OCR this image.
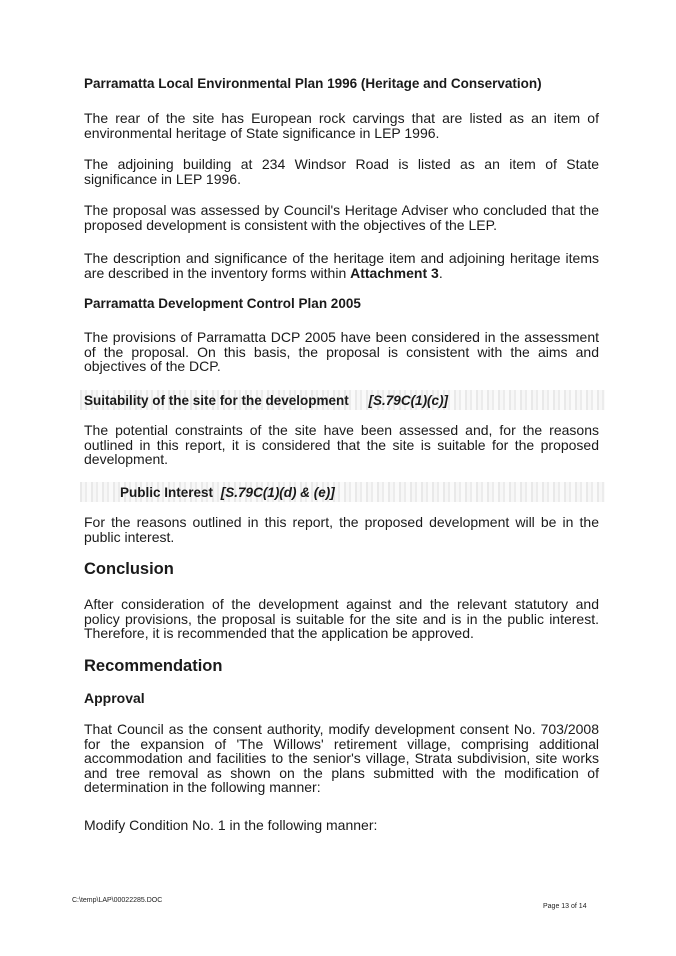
Parramatta Local Environmental Plan 1996 (Heritage and Conservation)
The rear of the site has European rock carvings that are listed as an item of environmental heritage of State significance in LEP 1996.
The adjoining building at 234 Windsor Road is listed as an item of State significance in LEP 1996.
The proposal was assessed by Council's Heritage Adviser who concluded that the proposed development is consistent with the objectives of the LEP.
The description and significance of the heritage item and adjoining heritage items are described in the inventory forms within Attachment 3.
Parramatta Development Control Plan 2005
The provisions of Parramatta DCP 2005 have been considered in the assessment of the proposal. On this basis, the proposal is consistent with the aims and objectives of the DCP.
Suitability of the site for the development [S.79C(1)(c)]
The potential constraints of the site have been assessed and, for the reasons outlined in this report, it is considered that the site is suitable for the proposed development.
Public Interest [S.79C(1)(d) & (e)]
For the reasons outlined in this report, the proposed development will be in the public interest.
Conclusion
After consideration of the development against and the relevant statutory and policy provisions, the proposal is suitable for the site and is in the public interest. Therefore, it is recommended that the application be approved.
Recommendation
Approval
That Council as the consent authority, modify development consent No. 703/2008 for the expansion of 'The Willows' retirement village, comprising additional accommodation and facilities to the senior's village, Strata subdivision, site works and tree removal as shown on the plans submitted with the modification of determination in the following manner:
Modify Condition No. 1 in the following manner:
C:\temp\LAP\00022285.DOC
Page 13 of 14
